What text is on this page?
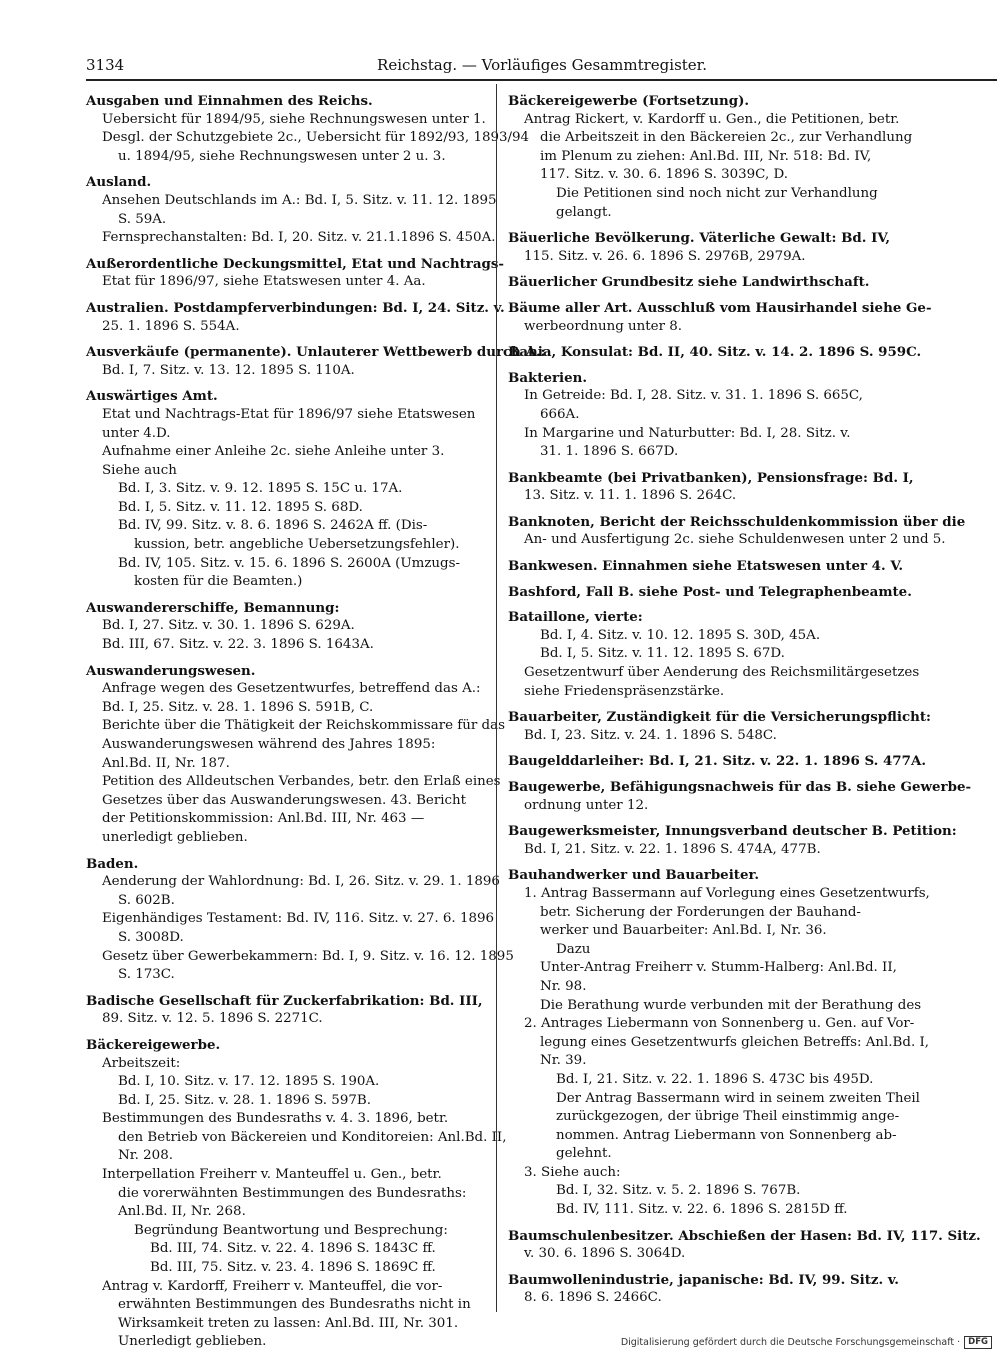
3134	Reichstag. — Vorläufiges Gesammtregister.
Ausgaben und Einnahmen des Reichs.
Uebersicht für 1894/95, siehe Rechnungswesen unter 1.
Desgl. der Schutzgebiete 2c., Uebersicht für 1892/93, 1893/94
u. 1894/95, siehe Rechnungswesen unter 2 u. 3.
Ausland.
Ansehen Deutschlands im A.: Bd. I, 5. Sitz. v. 11. 12. 1895
S. 59A.
Fernsprechanstalten: Bd. I, 20. Sitz. v. 21.1.1896 S. 450A.
Außerordentliche Deckungsmittel, Etat und Nachtrags-
Etat für 1896/97, siehe Etatswesen unter 4. Aa.
Australien. Postdampferverbindungen: Bd. I, 24. Sitz. v.
25. 1. 1896 S. 554A.
Ausverkäufe (permanente). Unlauterer Wettbewerb durch A.:
Bd. I, 7. Sitz. v. 13. 12. 1895 S. 110A.
Auswärtiges Amt.
Etat und Nachtrags-Etat für 1896/97 siehe Etatswesen
unter 4.D.
Aufnahme einer Anleihe 2c. siehe Anleihe unter 3.
Siehe auch
Bd. I, 3. Sitz. v. 9. 12. 1895 S. 15C u. 17A.
Bd. I, 5. Sitz. v. 11. 12. 1895 S. 68D.
Bd. IV, 99. Sitz. v. 8. 6. 1896 S. 2462A ff. (Dis-
kussion, betr. angebliche Uebersetzungsfehler).
Bd. IV, 105. Sitz. v. 15. 6. 1896 S. 2600A (Umzugs-
kosten für die Beamten.)
Auswandererschiffe, Bemannung:
Bd. I, 27. Sitz. v. 30. 1. 1896 S. 629A.
Bd. III, 67. Sitz. v. 22. 3. 1896 S. 1643A.
Auswanderungswesen.
Anfrage wegen des Gesetzentwurfes, betreffend das A.:
Bd. I, 25. Sitz. v. 28. 1. 1896 S. 591B, C.
Berichte über die Thätigkeit der Reichskommissare für das
Auswanderungswesen während des Jahres 1895:
Anl.Bd. II, Nr. 187.
Petition des Alldeutschen Verbandes, betr. den Erlaß eines
Gesetzes über das Auswanderungswesen. 43. Bericht
der Petitionskommission: Anl.Bd. III, Nr. 463 —
unerledigt geblieben.
Baden.
Aenderung der Wahlordnung: Bd. I, 26. Sitz. v. 29. 1. 1896
S. 602B.
Eigenhändiges Testament: Bd. IV, 116. Sitz. v. 27. 6. 1896
S. 3008D.
Gesetz über Gewerbekammern: Bd. I, 9. Sitz. v. 16. 12. 1895
S. 173C.
Badische Gesellschaft für Zuckerfabrikation: Bd. III,
89. Sitz. v. 12. 5. 1896 S. 2271C.
Bäckereigewerbe.
Arbeitszeit:
Bd. I, 10. Sitz. v. 17. 12. 1895 S. 190A.
Bd. I, 25. Sitz. v. 28. 1. 1896 S. 597B.
Bestimmungen des Bundesraths v. 4. 3. 1896, betr.
den Betrieb von Bäckereien und Konditoreien: Anl.Bd. II,
Nr. 208.
Interpellation Freiherr v. Manteuffel u. Gen., betr.
die vorerwähnten Bestimmungen des Bundesraths:
Anl.Bd. II, Nr. 268.
Begründung Beantwortung und Besprechung:
Bd. III, 74. Sitz. v. 22. 4. 1896 S. 1843C ff.
Bd. III, 75. Sitz. v. 23. 4. 1896 S. 1869C ff.
Antrag v. Kardorff, Freiherr v. Manteuffel, die vor-
erwähnten Bestimmungen des Bundesraths nicht in
Wirksamkeit treten zu lassen: Anl.Bd. III, Nr. 301.
Unerledigt geblieben.
Bäckereigewerbe (Fortsetzung).
Antrag Rickert, v. Kardorff u. Gen., die Petitionen, betr.
die Arbeitszeit in den Bäckereien 2c., zur Verhandlung
im Plenum zu ziehen: Anl.Bd. III, Nr. 518: Bd. IV,
117. Sitz. v. 30. 6. 1896 S. 3039C, D.
Die Petitionen sind noch nicht zur Verhandlung
gelangt.
Bäuerliche Bevölkerung. Väterliche Gewalt: Bd. IV,
115. Sitz. v. 26. 6. 1896 S. 2976B, 2979A.
Bäuerlicher Grundbesitz siehe Landwirthschaft.
Bäume aller Art. Ausschluß vom Hausirhandel siehe Ge-
werbeordnung unter 8.
Bahia, Konsulat: Bd. II, 40. Sitz. v. 14. 2. 1896 S. 959C.
Bakterien.
In Getreide: Bd. I, 28. Sitz. v. 31. 1. 1896 S. 665C,
666A.
In Margarine und Naturbutter: Bd. I, 28. Sitz. v.
31. 1. 1896 S. 667D.
Bankbeamte (bei Privatbanken), Pensionsfrage: Bd. I,
13. Sitz. v. 11. 1. 1896 S. 264C.
Banknoten, Bericht der Reichsschuldenkommission über die
An- und Ausfertigung 2c. siehe Schuldenwesen unter 2 und 5.
Bankwesen. Einnahmen siehe Etatswesen unter 4. V.
Bashford, Fall B. siehe Post- und Telegraphenbeamte.
Bataillone, vierte:
Bd. I, 4. Sitz. v. 10. 12. 1895 S. 30D, 45A.
Bd. I, 5. Sitz. v. 11. 12. 1895 S. 67D.
Gesetzentwurf über Aenderung des Reichsmilitärgesetzes
siehe Friedenspräsenzstärke.
Bauarbeiter, Zuständigkeit für die Versicherungspflicht:
Bd. I, 23. Sitz. v. 24. 1. 1896 S. 548C.
Baugelddarleiher: Bd. I, 21. Sitz. v. 22. 1. 1896 S. 477A.
Baugewerbe, Befähigungsnachweis für das B. siehe Gewerbe-
ordnung unter 12.
Baugewerksmeister, Innungsverband deutscher B. Petition:
Bd. I, 21. Sitz. v. 22. 1. 1896 S. 474A, 477B.
Bauhandwerker und Bauarbeiter.
1. Antrag Bassermann auf Vorlegung eines Gesetzentwurfs,
betr. Sicherung der Forderungen der Bauhand-
werker und Bauarbeiter: Anl.Bd. I, Nr. 36.
Dazu
Unter-Antrag Freiherr v. Stumm-Halberg: Anl.Bd. II,
Nr. 98.
Die Berathung wurde verbunden mit der Berathung des
2. Antrages Liebermann von Sonnenberg u. Gen. auf Vor-
legung eines Gesetzentwurfs gleichen Betreffs: Anl.Bd. I,
Nr. 39.
Bd. I, 21. Sitz. v. 22. 1. 1896 S. 473C bis 495D.
Der Antrag Bassermann wird in seinem zweiten Theil
zurückgezogen, der übrige Theil einstimmig ange-
nommen. Antrag Liebermann von Sonnenberg ab-
gelehnt.
3. Siehe auch:
Bd. I, 32. Sitz. v. 5. 2. 1896 S. 767B.
Bd. IV, 111. Sitz. v. 22. 6. 1896 S. 2815D ff.
Baumschulenbesitzer. Abschießen der Hasen: Bd. IV, 117. Sitz.
v. 30. 6. 1896 S. 3064D.
Baumwollenindustrie, japanische: Bd. IV, 99. Sitz. v.
8. 6. 1896 S. 2466C.
Digitalisierung gefördert durch die Deutsche Forschungsgemeinschaft · DFG
